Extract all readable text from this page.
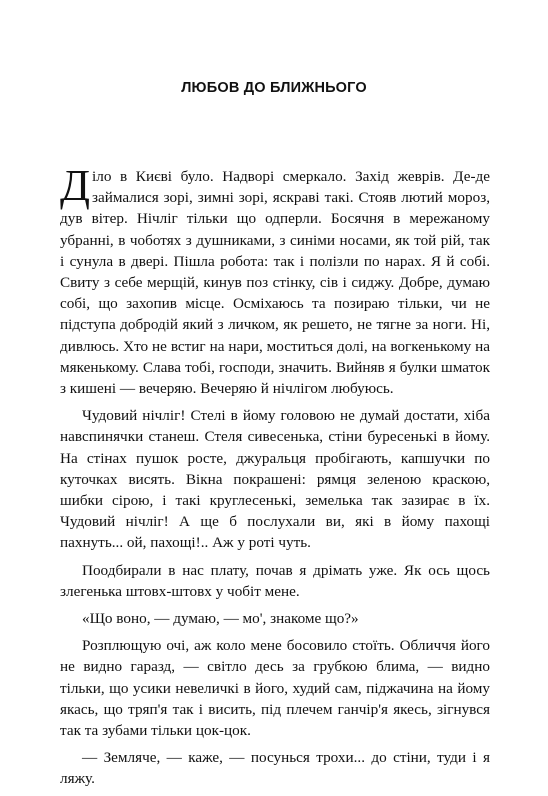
ЛЮБОВ ДО БЛИЖНЬОГО

Діло в Києві було. Надворі смеркало. Захід жеврів. Де-де займалися зорі, зимні зорі, яскраві такі. Стояв лютий мороз, дув вітер. Нічліг тільки що одперли. Босячня в мережаному убранні, в чоботях з душниками, з синіми носами, як той рій, так і сунула в двері. Пішла робота: так і полізли по нарах. Я й собі. Свиту з себе мерщій, кинув поз стінку, сів і сиджу. Добре, думаю собі, що захопив місце. Осміхаюсь та позираю тільки, чи не підступа добродій який з личком, як решето, не тягне за ноги. Ні, дивлюсь. Хто не встиг на нари, моститься долі, на вогкенькому на мякенькому. Слава тобі, господи, значить. Вийняв я булки шматок з кишені — вечеряю. Вечеряю й нічлігом любуюсь.

Чудовий нічліг! Стелі в йому головою не думай достати, хіба навспинячки станеш. Стеля сивесенька, стіни буресенькі в йому. На стінах пушок росте, джуральця пробігають, капшучки по куточках висять. Вікна покрашені: рямця зеленою краскою, шибки сірою, і такі круглесенькі, земелька так зазирає в їх. Чудовий нічліг! А ще б послухали ви, які в йому пахощі пахнуть... ой, пахощі!.. Аж у роті чуть.

Поодбирали в нас плату, почав я дрімать уже. Як ось щось злегенька штовх-штовх у чобіт мене.

«Що воно, — думаю, — мо', знакоме що?»

Розплющую очі, аж коло мене босовило стоїть. Обличчя його не видно гаразд, — світло десь за грубкою блима, — видно тільки, що усики невеличкі в його, худий сам, піджачина на йому якась, що тряп'я так і висить, під плечем ганчір'я якесь, зігнувся так та зубами тільки цок-цок.

— Земляче, — каже, — посунься трохи... до стіни, туди і я ляжу.
